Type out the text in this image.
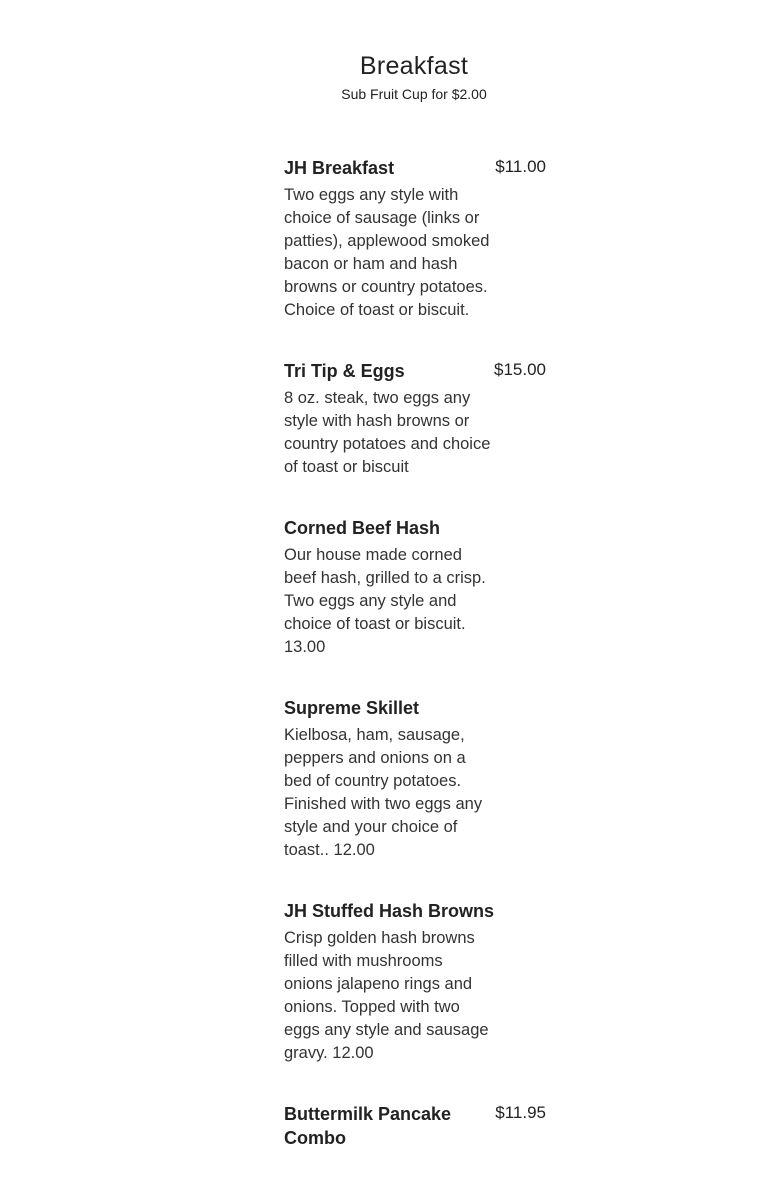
Breakfast
Sub Fruit Cup for $2.00
JH Breakfast	$11.00
Two eggs any style with choice of sausage (links or patties), applewood smoked bacon or ham and hash browns or country potatoes. Choice of toast or biscuit.
Tri Tip & Eggs	$15.00
8 oz. steak, two eggs any style with hash browns or country potatoes and choice of toast or biscuit
Corned Beef Hash
Our house made corned beef hash, grilled to a crisp. Two eggs any style and choice of toast or biscuit. 13.00
Supreme Skillet
Kielbosa, ham, sausage, peppers and onions on a bed of country potatoes. Finished with two eggs any style and your choice of toast.. 12.00
JH Stuffed Hash Browns
Crisp golden hash browns filled with mushrooms onions jalapeno rings and onions. Topped with two eggs any style and sausage gravy. 12.00
Buttermilk Pancake Combo
$11.95
